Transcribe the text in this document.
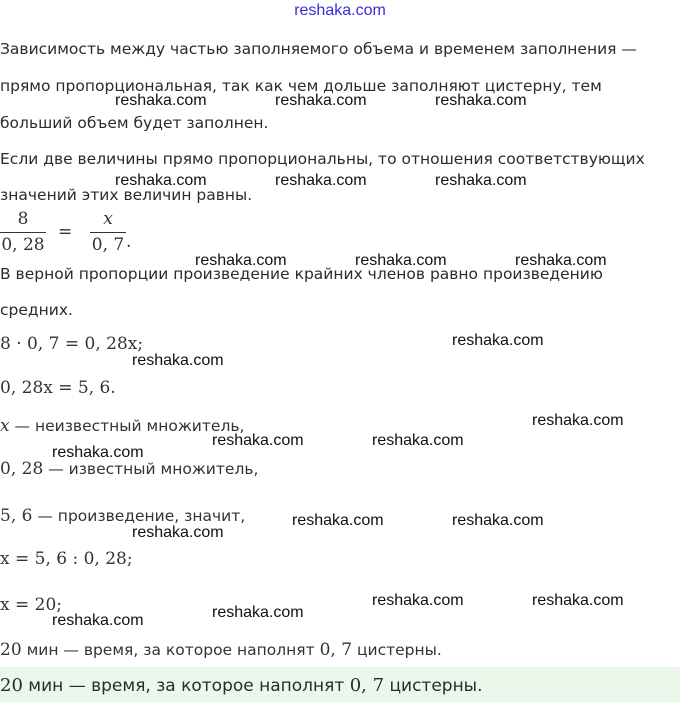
reshaka.com
Зависимость между частью заполняемого объема и временем заполнения —
прямо пропорциональная, так как чем дольше заполняют цистерну, тем
больший объем будет заполнен.
Если две величины прямо пропорциональны, то отношения соответствующих
значений этих величин равны.
8
0, 28
=
x
0, 7 .
В верной пропорции произведение крайних членов равно произведению
средних.
8 · 0, 7 = 0, 28x;
0, 28x = 5, 6.
x — неизвестный множитель,
0, 28 — известный множитель,
5, 6 — произведение, значит,
x = 5, 6 : 0, 28;
x = 20;
20 мин — время, за которое наполнят 0, 7 цистерны.
20 мин — время, за которое наполнят 0, 7 цистерны.
reshaka.com	reshaka.com	reshaka.com
reshaka.com	reshaka.com	reshaka.com
reshaka.com	reshaka.com	reshaka.com
reshaka.com
reshaka.com
reshaka.com
reshaka.com	reshaka.com
reshaka.com
reshaka.com	reshaka.com
reshaka.com
reshaka.com	reshaka.com
reshaka.com
reshaka.com
